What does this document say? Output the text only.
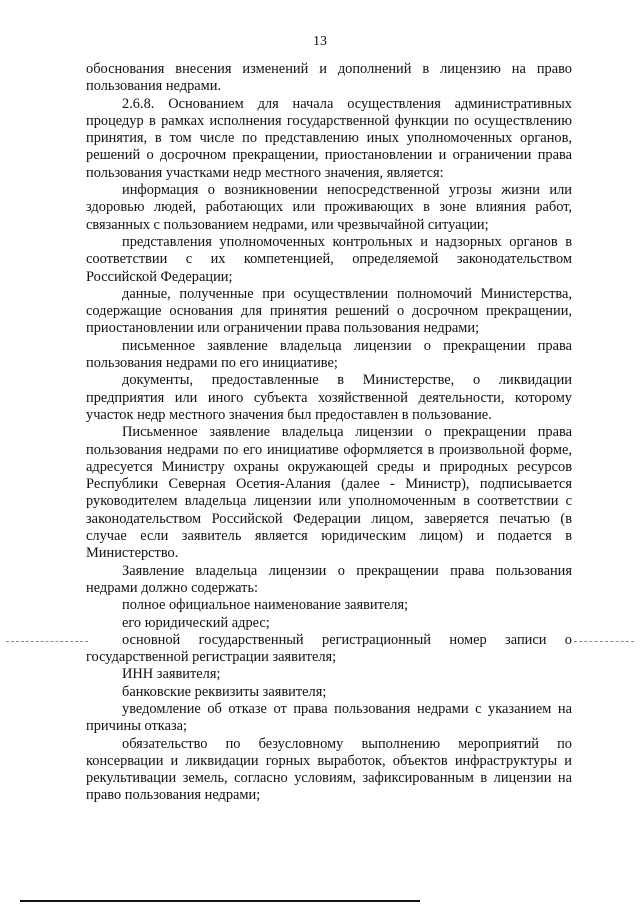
13

обоснования внесения изменений и дополнений в лицензию на право пользования недрами.

2.6.8. Основанием для начала осуществления административных процедур в рамках исполнения государственной функции по осуществлению принятия, в том числе по представлению иных уполномоченных органов, решений о досрочном прекращении, приостановлении и ограничении права пользования участками недр местного значения, является:

информация о возникновении непосредственной угрозы жизни или здоровью людей, работающих или проживающих в зоне влияния работ, связанных с пользованием недрами, или чрезвычайной ситуации;

представления уполномоченных контрольных и надзорных органов в соответствии с их компетенцией, определяемой законодательством Российской Федерации;

данные, полученные при осуществлении полномочий Министерства, содержащие основания для принятия решений о досрочном прекращении, приостановлении или ограничении права пользования недрами;

письменное заявление владельца лицензии о прекращении права пользования недрами по его инициативе;

документы, предоставленные в Министерстве, о ликвидации предприятия или иного субъекта хозяйственной деятельности, которому участок недр местного значения был предоставлен в пользование.

Письменное заявление владельца лицензии о прекращении права пользования недрами по его инициативе оформляется в произвольной форме, адресуется Министру охраны окружающей среды и природных ресурсов Республики Северная Осетия-Алания (далее - Министр), подписывается руководителем владельца лицензии или уполномоченным в соответствии с законодательством Российской Федерации лицом, заверяется печатью (в случае если заявитель является юридическим лицом) и подается в Министерство.

Заявление владельца лицензии о прекращении права пользования недрами должно содержать:

полное официальное наименование заявителя;

его юридический адрес;

основной государственный регистрационный номер записи о государственной регистрации заявителя;

ИНН заявителя;

банковские реквизиты заявителя;

уведомление об отказе от права пользования недрами с указанием на причины отказа;

обязательство по безусловному выполнению мероприятий по консервации и ликвидации горных выработок, объектов инфраструктуры и рекультивации земель, согласно условиям, зафиксированным в лицензии на право пользования недрами;
